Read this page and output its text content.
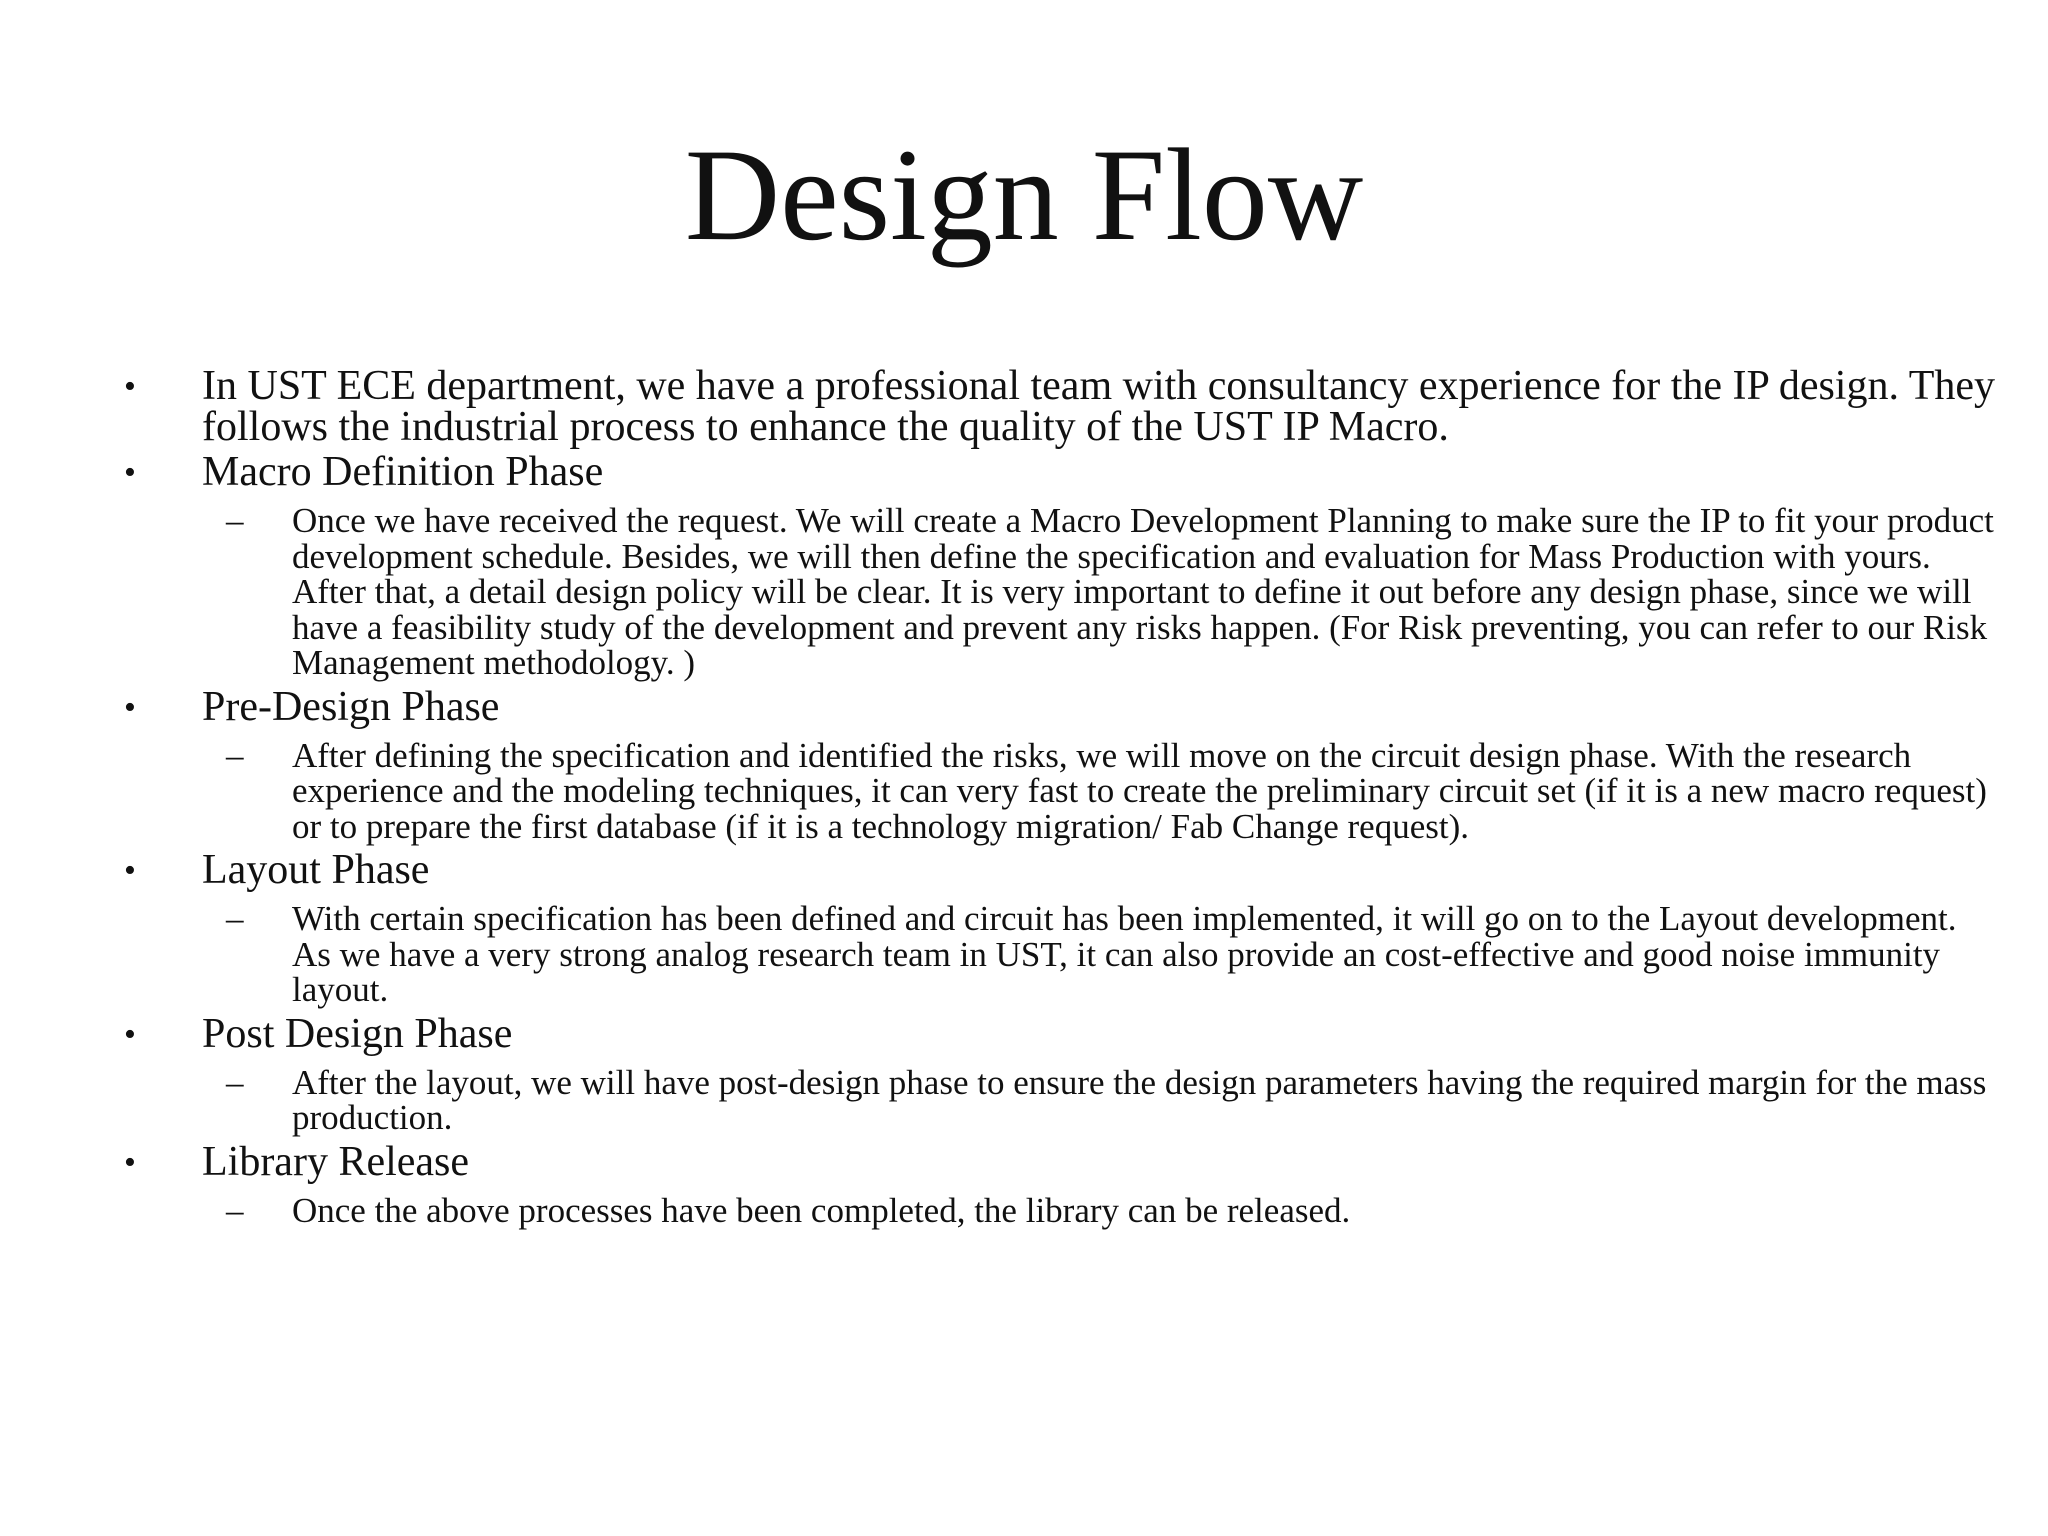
Design Flow
• In UST ECE department, we have a professional team with consultancy experience for the IP design. They follows the industrial process to enhance the quality of the UST IP Macro.
• Macro Definition Phase
– Once we have received the request. We will create a Macro Development Planning to make sure the IP to fit your product development schedule. Besides, we will then define the specification and evaluation for Mass Production with yours. After that, a detail design policy will be clear. It is very important to define it out before any design phase, since we will have a feasibility study of the development and prevent any risks happen. (For Risk preventing, you can refer to our Risk Management methodology. )
• Pre-Design Phase
– After defining the specification and identified the risks, we will move on the circuit design phase. With the research experience and the modeling techniques, it can very fast to create the preliminary circuit set (if it is a new macro request) or to prepare the first database (if it is a technology migration/ Fab Change request).
• Layout Phase
– With certain specification has been defined and circuit has been implemented, it will go on to the Layout development. As we have a very strong analog research team in UST, it can also provide an cost-effective and good noise immunity layout.
• Post Design Phase
– After the layout, we will have post-design phase to ensure the design parameters having the required margin for the mass production.
• Library Release
– Once the above processes have been completed, the library can be released.
